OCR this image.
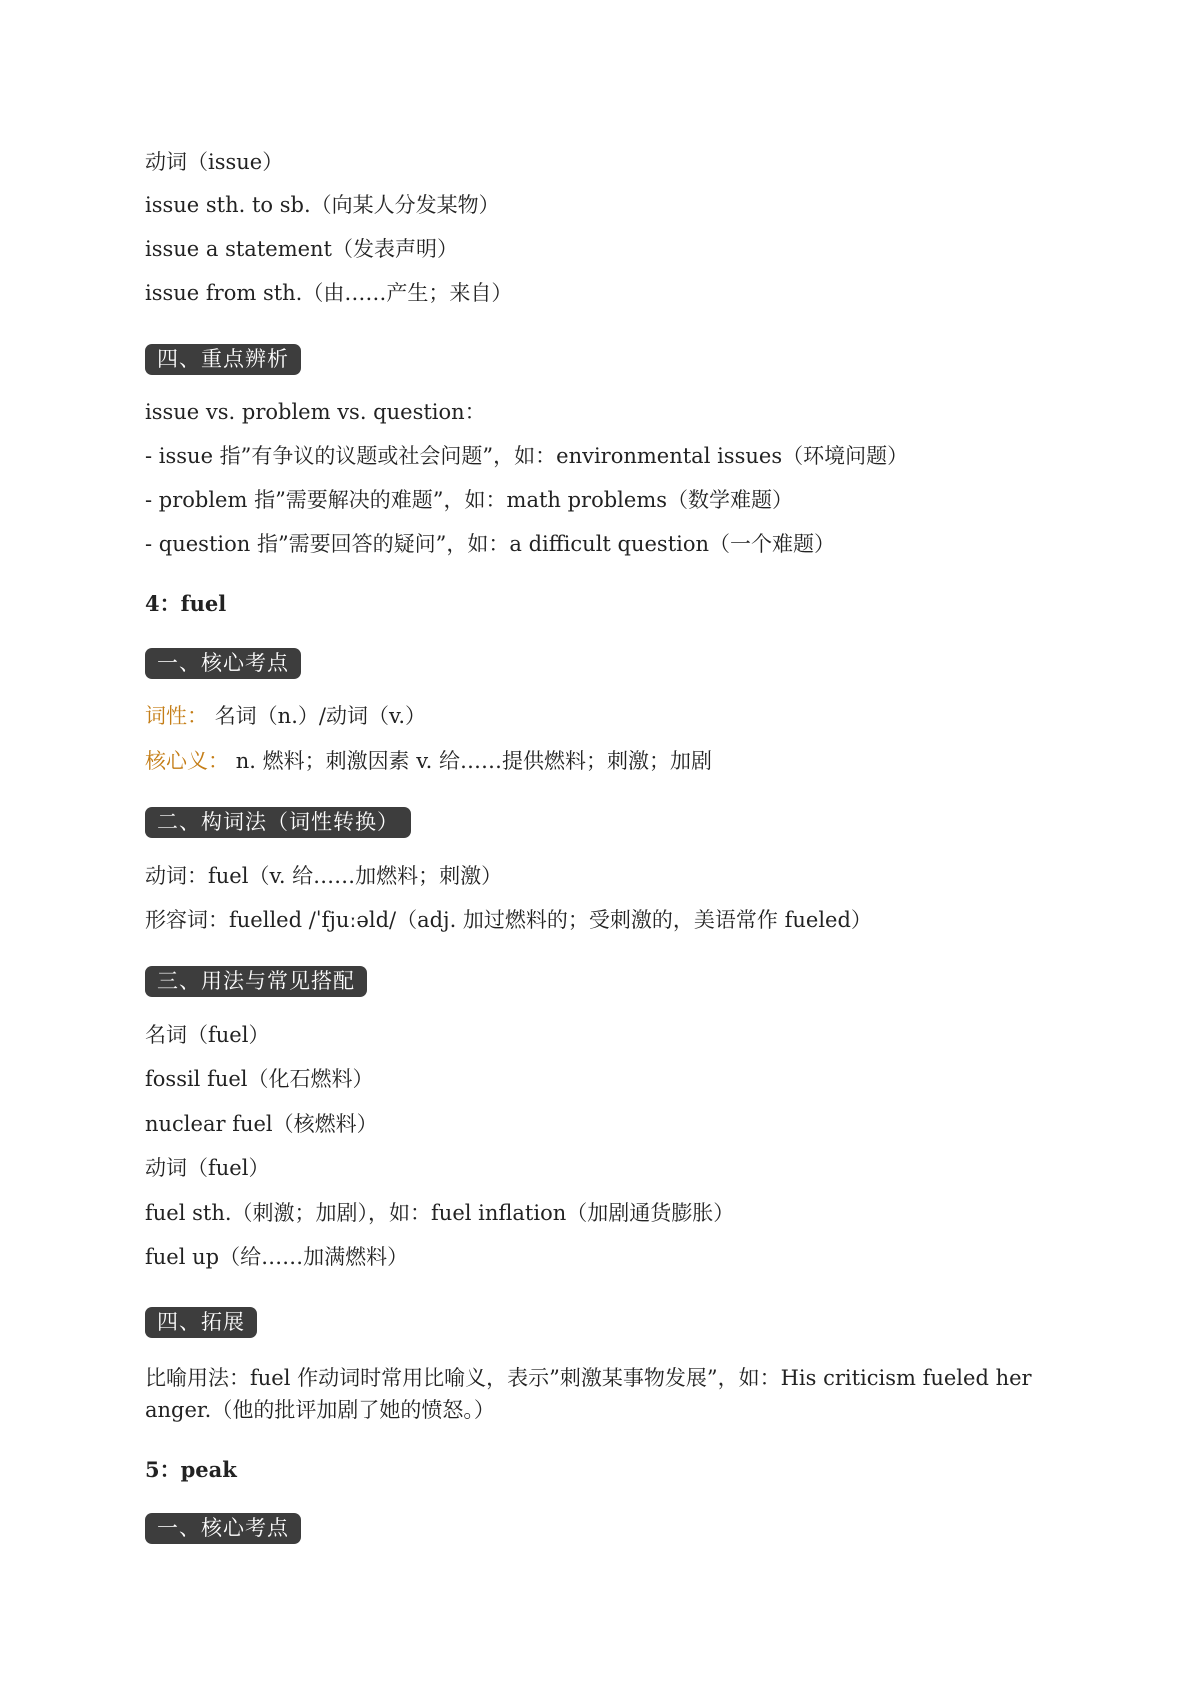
动词（issue）
issue sth. to sb.（向某人分发某物）
issue a statement（发表声明）
issue from sth.（由……产生；来自）
四、重点辨析
issue vs. problem vs. question：
- issue 指”有争议的议题或社会问题”，如：environmental issues（环境问题）
- problem 指”需要解决的难题”，如：math problems（数学难题）
- question 指”需要回答的疑问”，如：a difficult question（一个难题）
4：fuel
一、核心考点
词性： 名词（n.）/动词（v.）
核心义： n. 燃料；刺激因素 v. 给……提供燃料；刺激；加剧
二、构词法（词性转换）
动词：fuel（v. 给……加燃料；刺激）
形容词：fuelled /ˈfjuːəld/（adj. 加过燃料的；受刺激的，美语常作 fueled）
三、用法与常见搭配
名词（fuel）
fossil fuel（化石燃料）
nuclear fuel（核燃料）
动词（fuel）
fuel sth.（刺激；加剧），如：fuel inflation（加剧通货膨胀）
fuel up（给……加满燃料）
四、拓展
比喻用法：fuel 作动词时常用比喻义，表示”刺激某事物发展”，如：His criticism fueled her anger.（他的批评加剧了她的愤怒。）
5：peak
一、核心考点
